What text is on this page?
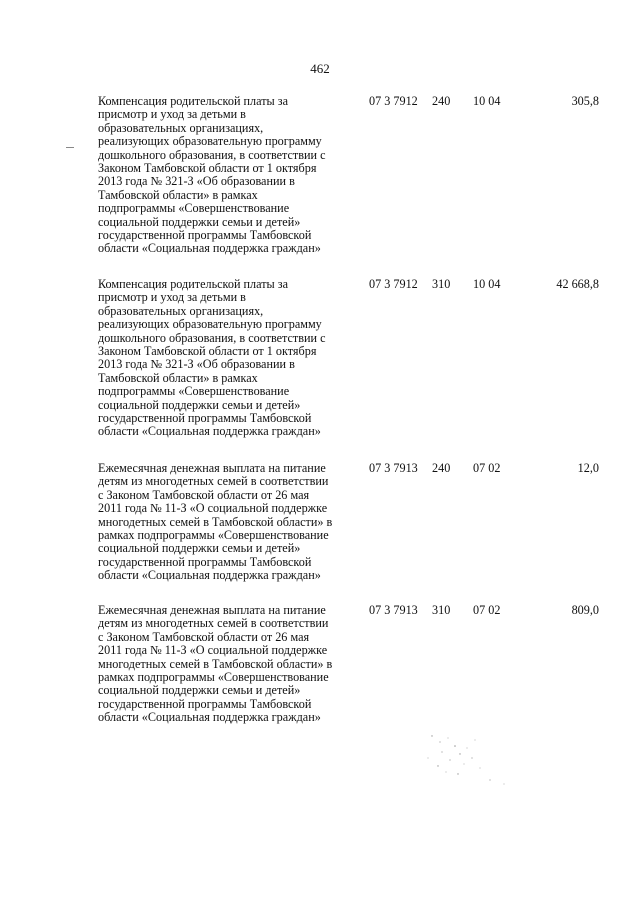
462
Компенсация родительской платы за
присмотр и уход за детьми в
образовательных организациях,
реализующих образовательную программу
дошкольного образования, в соответствии с
Законом Тамбовской области от 1 октября
2013 года № 321-З «Об образовании в
Тамбовской области» в рамках
подпрограммы «Совершенствование
социальной поддержки семьи и детей»
государственной программы Тамбовской
области «Социальная поддержка граждан»
07 3 7912 240 10 04	305,8
Компенсация родительской платы за
присмотр и уход за детьми в
образовательных организациях,
реализующих образовательную программу
дошкольного образования, в соответствии с
Законом Тамбовской области от 1 октября
2013 года № 321-З «Об образовании в
Тамбовской области» в рамках
подпрограммы «Совершенствование
социальной поддержки семьи и детей»
государственной программы Тамбовской
области «Социальная поддержка граждан»
07 3 7912 310 10 04	42 668,8
Ежемесячная денежная выплата на питание
детям из многодетных семей в соответствии
с Законом Тамбовской области от 26 мая
2011 года № 11-З «О социальной поддержке
многодетных семей в Тамбовской области» в
рамках подпрограммы «Совершенствование
социальной поддержки семьи и детей»
государственной программы Тамбовской
области «Социальная поддержка граждан»
07 3 7913 240 07 02	12,0
Ежемесячная денежная выплата на питание
детям из многодетных семей в соответствии
с Законом Тамбовской области от 26 мая
2011 года № 11-З «О социальной поддержке
многодетных семей в Тамбовской области» в
рамках подпрограммы «Совершенствование
социальной поддержки семьи и детей»
государственной программы Тамбовской
области «Социальная поддержка граждан»
07 3 7913 310 07 02	809,0
